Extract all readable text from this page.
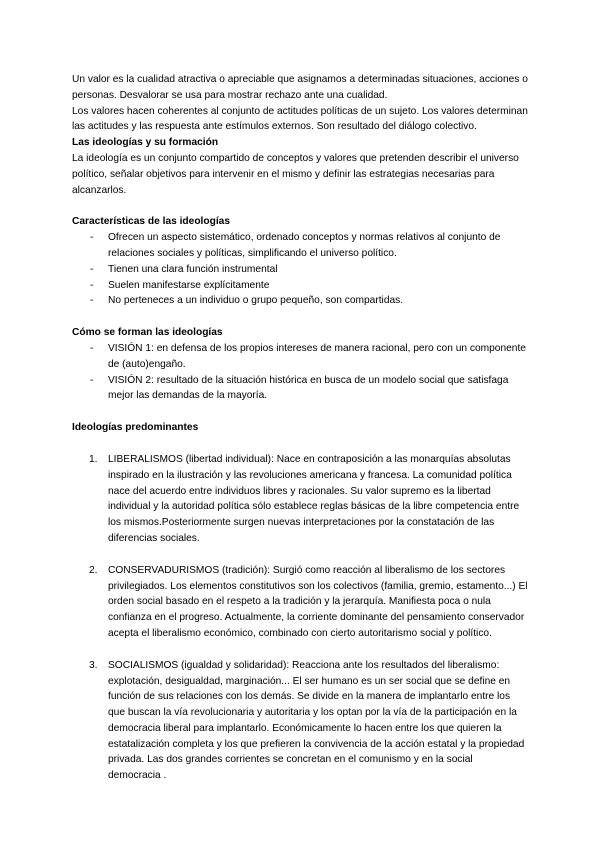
Un valor es la cualidad atractiva o apreciable que asignamos a determinadas situaciones, acciones o personas. Desvalorar se usa para mostrar rechazo ante una cualidad.

Los valores hacen coherentes al conjunto de actitudes políticas de un sujeto. Los valores determinan las actitudes y las respuesta ante estímulos externos. Son resultado del diálogo colectivo.

Las ideologías y su formación

La ideología es un conjunto compartido de conceptos y valores que pretenden describir el universo político, señalar objetivos para intervenir en el mismo y definir las estrategias necesarias para alcanzarlos.

Características de las ideologías
- Ofrecen un aspecto sistemático, ordenado conceptos y normas relativos al conjunto de relaciones sociales y políticas, simplificando el universo político.
- Tienen una clara función instrumental
- Suelen manifestarse explícitamente
- No perteneces a un individuo o grupo pequeño, son compartidas.
Cómo se forman las ideologías
- VISIÓN 1: en defensa de los propios intereses de manera racional, pero con un componente de (auto)engaño.
- VISIÓN 2: resultado de la situación histórica en busca de un modelo social que satisfaga mejor las demandas de la mayoría.
Ideologías predominantes
1. LIBERALISMOS (libertad individual): Nace en contraposición a las monarquías absolutas inspirado en la ilustración y las revoluciones americana y francesa. La comunidad política nace del acuerdo entre individuos libres y racionales. Su valor supremo es la libertad individual y la autoridad política sólo establece reglas básicas de la libre competencia entre los mismos.Posteriormente surgen nuevas interpretaciones por la constatación de las diferencias sociales.
2. CONSERVADURISMOS (tradición): Surgió como reacción al liberalismo de los sectores privilegiados. Los elementos constitutivos son los colectivos (familia, gremio, estamento...) El orden social basado en el respeto a la tradición y la jerarquía. Manifiesta poca o nula confianza en el progreso. Actualmente, la corriente dominante del pensamiento conservador acepta el liberalismo económico, combinado con cierto autoritarismo social y político.
3. SOCIALISMOS (igualdad y solidaridad): Reacciona ante los resultados del liberalismo: explotación, desigualdad, marginación... El ser humano es un ser social que se define en función de sus relaciones con los demás. Se divide en la manera de implantarlo entre los que buscan la vía revolucionaria y autoritaria y los optan por la vía de la participación en la democracia liberal para implantarlo. Económicamente lo hacen entre los que quieren la estatalización completa y los que prefieren la convivencia de la acción estatal y la propiedad privada. Las dos grandes corrientes se concretan en el comunismo y en la social democracia .
